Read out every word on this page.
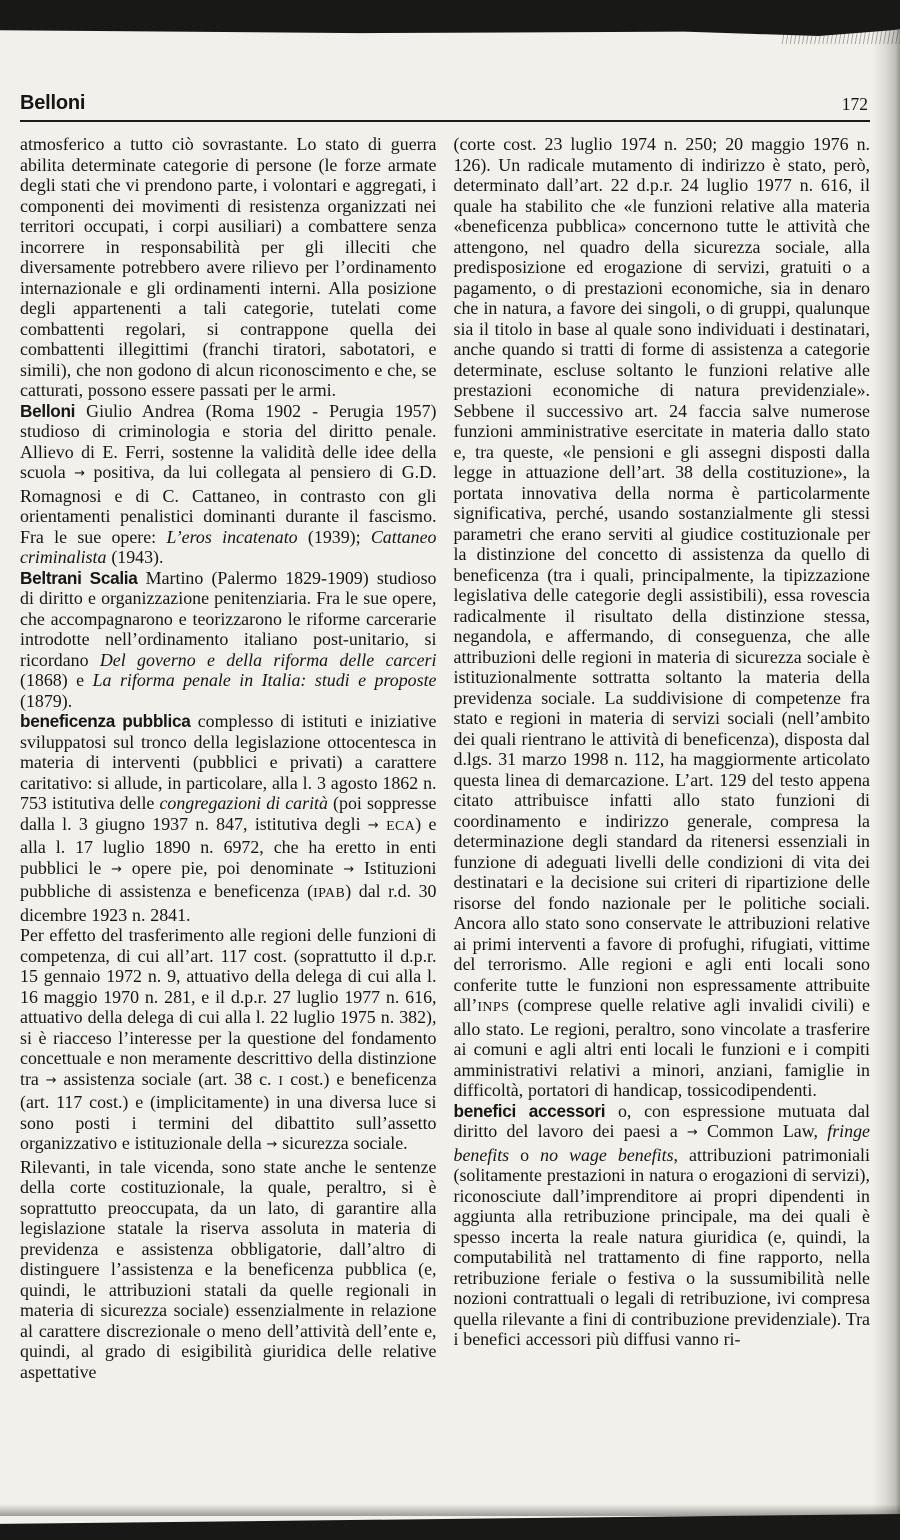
Belloni	172

atmosferico a tutto ciò sovrastante. Lo stato di guerra abilita determinate categorie di persone (le forze armate degli stati che vi prendono parte, i volontari e aggregati, i componenti dei movimenti di resistenza organizzati nei territori occupati, i corpi ausiliari) a combattere senza incorrere in responsabilità per gli illeciti che diversamente potrebbero avere rilievo per l’ordinamento internazionale e gli ordinamenti interni. Alla posizione degli appartenenti a tali categorie, tutelati come combattenti regolari, si contrappone quella dei combattenti illegittimi (franchi tiratori, sabotatori, e simili), che non godono di alcun riconoscimento e che, se catturati, possono essere passati per le armi.

Belloni Giulio Andrea (Roma 1902 - Perugia 1957) studioso di criminologia e storia del diritto penale. Allievo di E. Ferri, sostenne la validità delle idee della scuola → positiva, da lui collegata al pensiero di G.D. Romagnosi e di C. Cattaneo, in contrasto con gli orientamenti penalistici dominanti durante il fascismo. Fra le sue opere: L’eros incatenato (1939); Cattaneo criminalista (1943).

Beltrani Scalia Martino (Palermo 1829-1909) studioso di diritto e organizzazione penitenziaria. Fra le sue opere, che accompagnarono e teorizzarono le riforme carcerarie introdotte nell’ordinamento italiano post-unitario, si ricordano Del governo e della riforma delle carceri (1868) e La riforma penale in Italia: studi e proposte (1879).

beneficenza pubblica complesso di istituti e iniziative sviluppatosi sul tronco della legislazione ottocentesca in materia di interventi (pubblici e privati) a carattere caritativo: si allude, in particolare, alla l. 3 agosto 1862 n. 753 istitutiva delle congregazioni di carità (poi soppresse dalla l. 3 giugno 1937 n. 847, istitutiva degli → ECA) e alla l. 17 luglio 1890 n. 6972, che ha eretto in enti pubblici le → opere pie, poi denominate → Istituzioni pubbliche di assistenza e beneficenza (IPAB) dal r.d. 30 dicembre 1923 n. 2841.

Per effetto del trasferimento alle regioni delle funzioni di competenza, di cui all’art. 117 cost. (soprattutto il d.p.r. 15 gennaio 1972 n. 9, attuativo della delega di cui alla l. 16 maggio 1970 n. 281, e il d.p.r. 27 luglio 1977 n. 616, attuativo della delega di cui alla l. 22 luglio 1975 n. 382), si è riacceso l’interesse per la questione del fondamento concettuale e non meramente descrittivo della distinzione tra → assistenza sociale (art. 38 c. I cost.) e beneficenza (art. 117 cost.) e (implicitamente) in una diversa luce si sono posti i termini del dibattito sull’assetto organizzativo e istituzionale della → sicurezza sociale.

Rilevanti, in tale vicenda, sono state anche le sentenze della corte costituzionale, la quale, peraltro, si è soprattutto preoccupata, da un lato, di garantire alla legislazione statale la riserva assoluta in materia di previdenza e assistenza obbligatorie, dall’altro di distinguere l’assistenza e la beneficenza pubblica (e, quindi, le attribuzioni statali da quelle regionali in materia di sicurezza sociale) essenzialmente in relazione al carattere discrezionale o meno dell’attività dell’ente e, quindi, al grado di esigibilità giuridica delle relative aspettative

(corte cost. 23 luglio 1974 n. 250; 20 maggio 1976 n. 126). Un radicale mutamento di indirizzo è stato, però, determinato dall’art. 22 d.p.r. 24 luglio 1977 n. 616, il quale ha stabilito che «le funzioni relative alla materia «beneficenza pubblica» concernono tutte le attività che attengono, nel quadro della sicurezza sociale, alla predisposizione ed erogazione di servizi, gratuiti o a pagamento, o di prestazioni economiche, sia in denaro che in natura, a favore dei singoli, o di gruppi, qualunque sia il titolo in base al quale sono individuati i destinatari, anche quando si tratti di forme di assistenza a categorie determinate, escluse soltanto le funzioni relative alle prestazioni economiche di natura previdenziale». Sebbene il successivo art. 24 faccia salve numerose funzioni amministrative esercitate in materia dallo stato e, tra queste, «le pensioni e gli assegni disposti dalla legge in attuazione dell’art. 38 della costituzione», la portata innovativa della norma è particolarmente significativa, perché, usando sostanzialmente gli stessi parametri che erano serviti al giudice costituzionale per la distinzione del concetto di assistenza da quello di beneficenza (tra i quali, principalmente, la tipizzazione legislativa delle categorie degli assistibili), essa rovescia radicalmente il risultato della distinzione stessa, negandola, e affermando, di conseguenza, che alle attribuzioni delle regioni in materia di sicurezza sociale è istituzionalmente sottratta soltanto la materia della previdenza sociale. La suddivisione di competenze fra stato e regioni in materia di servizi sociali (nell’ambito dei quali rientrano le attività di beneficenza), disposta dal d.lgs. 31 marzo 1998 n. 112, ha maggiormente articolato questa linea di demarcazione. L’art. 129 del testo appena citato attribuisce infatti allo stato funzioni di coordinamento e indirizzo generale, compresa la determinazione degli standard da ritenersi essenziali in funzione di adeguati livelli delle condizioni di vita dei destinatari e la decisione sui criteri di ripartizione delle risorse del fondo nazionale per le politiche sociali. Ancora allo stato sono conservate le attribuzioni relative ai primi interventi a favore di profughi, rifugiati, vittime del terrorismo. Alle regioni e agli enti locali sono conferite tutte le funzioni non espressamente attribuite all’INPS (comprese quelle relative agli invalidi civili) e allo stato. Le regioni, peraltro, sono vincolate a trasferire ai comuni e agli altri enti locali le funzioni e i compiti amministrativi relativi a minori, anziani, famiglie in difficoltà, portatori di handicap, tossicodipendenti.

benefici accessori o, con espressione mutuata dal diritto del lavoro dei paesi a → Common Law, fringe benefits o no wage benefits, attribuzioni patrimoniali (solitamente prestazioni in natura o erogazioni di servizi), riconosciute dall’imprenditore ai propri dipendenti in aggiunta alla retribuzione principale, ma dei quali è spesso incerta la reale natura giuridica (e, quindi, la computabilità nel trattamento di fine rapporto, nella retribuzione feriale o festiva o la sussumibilità nelle nozioni contrattuali o legali di retribuzione, ivi compresa quella rilevante a fini di contribuzione previdenziale). Tra i benefici accessori più diffusi vanno ri-
